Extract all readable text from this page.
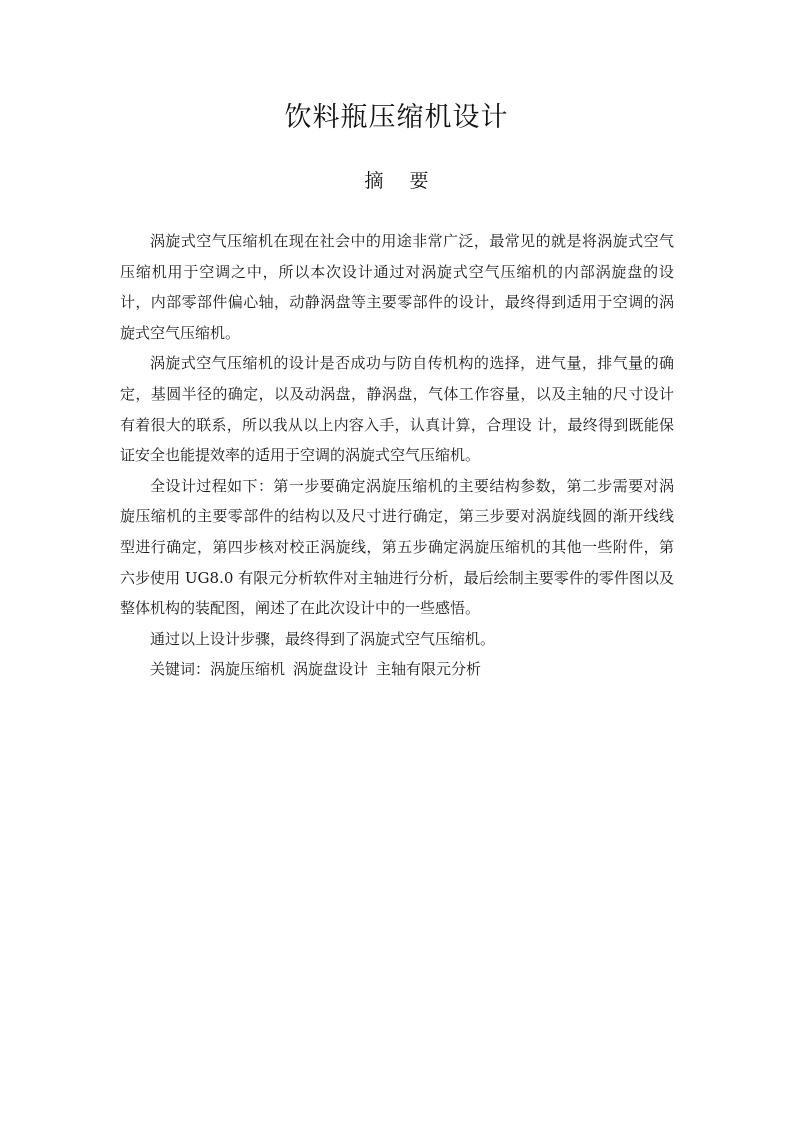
饮料瓶压缩机设计
摘 要

涡旋式空气压缩机在现在社会中的用途非常广泛，最常见的就是将涡旋式空气压缩机用于空调之中，所以本次设计通过对涡旋式空气压缩机的内部涡旋盘的设计，内部零部件偏心轴，动静涡盘等主要零部件的设计，最终得到适用于空调的涡旋式空气压缩机。

涡旋式空气压缩机的设计是否成功与防自传机构的选择，进气量，排气量的确定，基圆半径的确定，以及动涡盘，静涡盘，气体工作容量，以及主轴的尺寸设计有着很大的联系，所以我从以上内容入手，认真计算，合理设 计，最终得到既能保证安全也能提效率的适用于空调的涡旋式空气压缩机。

全设计过程如下：第一步要确定涡旋压缩机的主要结构参数，第二步需要对涡旋压缩机的主要零部件的结构以及尺寸进行确定，第三步要对涡旋线圆的渐开线线型进行确定，第四步核对校正涡旋线，第五步确定涡旋压缩机的其他一些附件，第六步使用 UG8.0 有限元分析软件对主轴进行分析，最后绘制主要零件的零件图以及整体机构的装配图，阐述了在此次设计中的一些感悟。

通过以上设计步骤，最终得到了涡旋式空气压缩机。

关键词：涡旋压缩机 涡旋盘设计 主轴有限元分析
